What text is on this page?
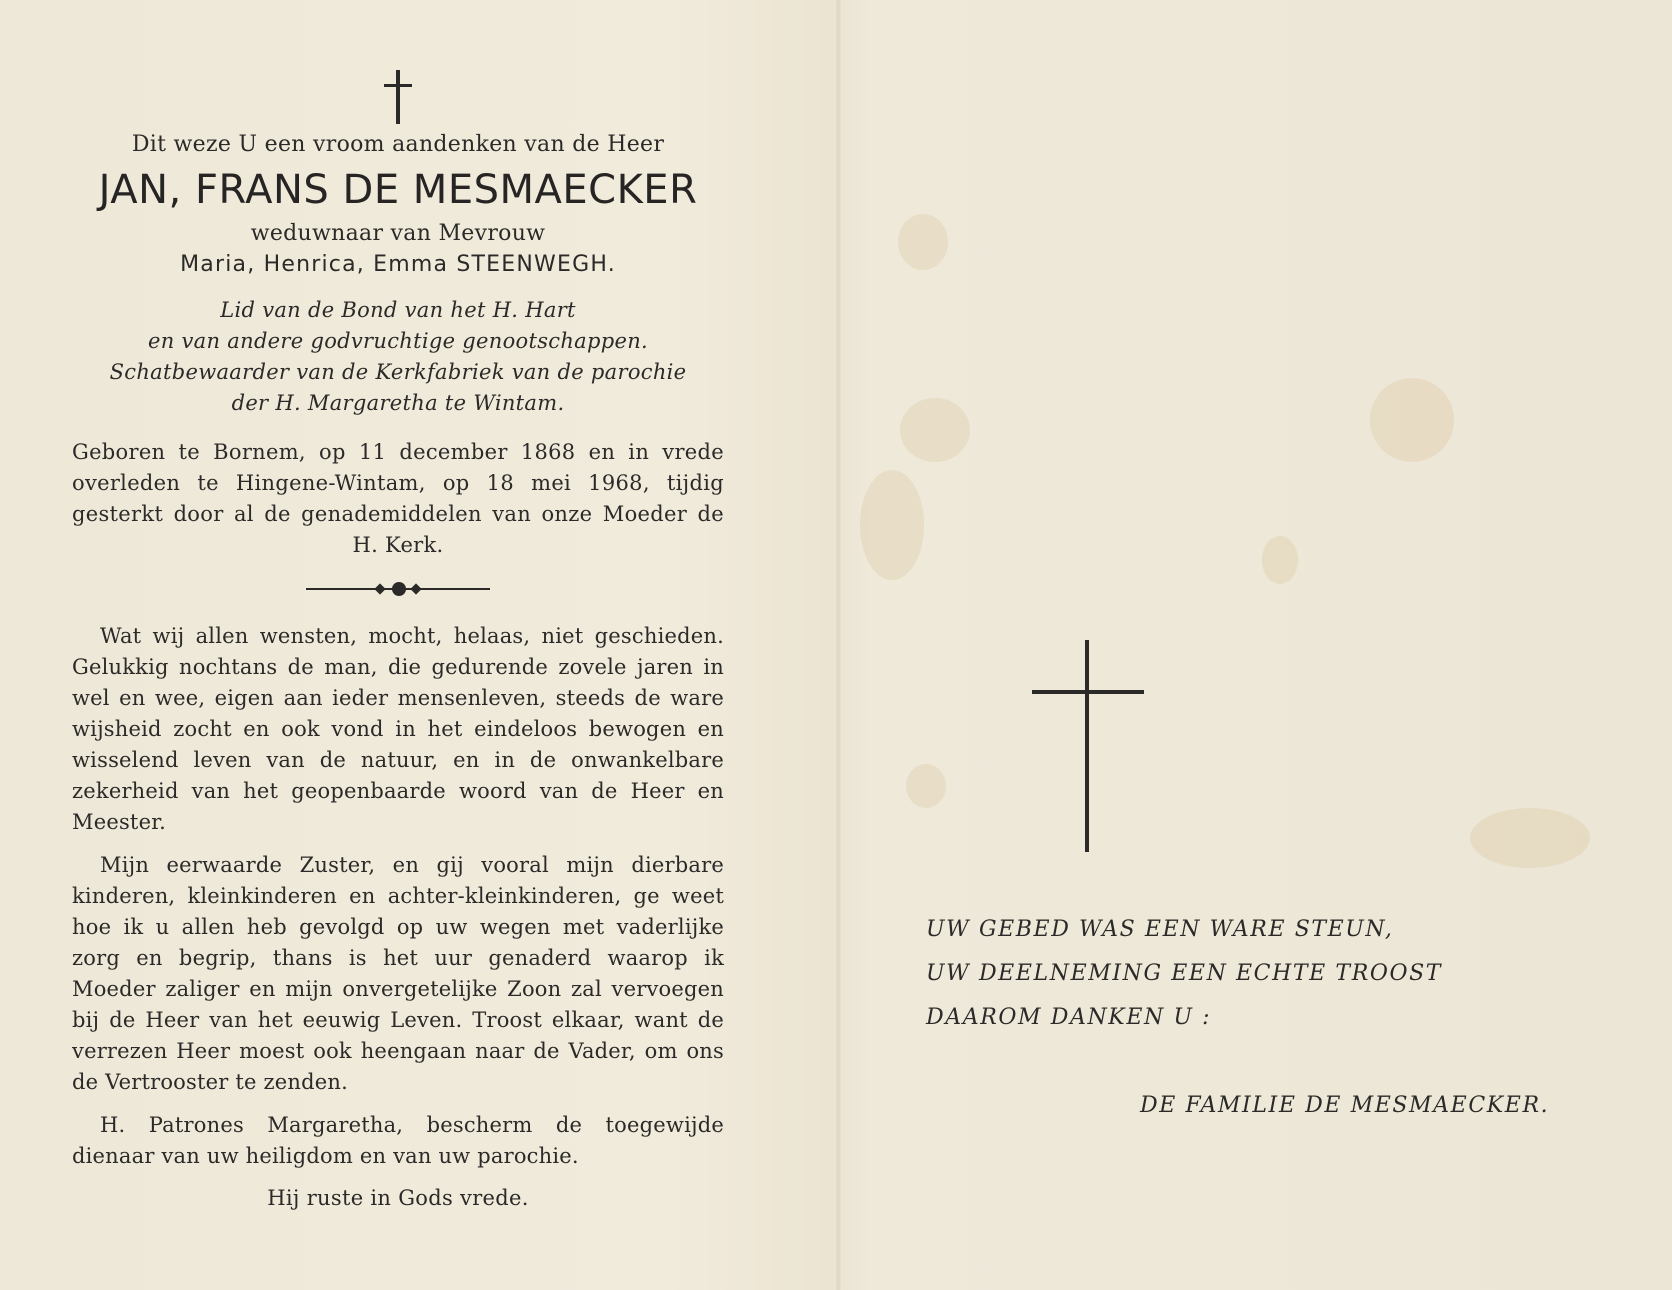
Dit weze U een vroom aandenken van de Heer
JAN, FRANS DE MESMAECKER
weduwnaar van Mevrouw
Maria, Henrica, Emma STEENWEGH.
Lid van de Bond van het H. Hart
en van andere godvruchtige genootschappen.
Schatbewaarder van de Kerkfabriek van de parochie
der H. Margaretha te Wintam.
Geboren te Bornem, op 11 december 1868 en in vrede overleden te Hingene-Wintam, op 18 mei 1968, tijdig gesterkt door al de genademiddelen van onze Moeder de H. Kerk.
Wat wij allen wensten, mocht, helaas, niet geschieden. Gelukkig nochtans de man, die gedurende zovele jaren in wel en wee, eigen aan ieder mensenleven, steeds de ware wijsheid zocht en ook vond in het eindeloos bewogen en wisselend leven van de natuur, en in de onwankelbare zekerheid van het geopenbaarde woord van de Heer en Meester.
Mijn eerwaarde Zuster, en gij vooral mijn dierbare kinderen, kleinkinderen en achter-kleinkinderen, ge weet hoe ik u allen heb gevolgd op uw wegen met vaderlijke zorg en begrip, thans is het uur genaderd waarop ik Moeder zaliger en mijn onvergetelijke Zoon zal vervoegen bij de Heer van het eeuwig Leven. Troost elkaar, want de verrezen Heer moest ook heengaan naar de Vader, om ons de Vertrooster te zenden.
H. Patrones Margaretha, bescherm de toegewijde dienaar van uw heiligdom en van uw parochie.
Hij ruste in Gods vrede.
UW GEBED WAS EEN WARE STEUN,
UW DEELNEMING EEN ECHTE TROOST
DAAROM DANKEN U :
DE FAMILIE DE MESMAECKER.
